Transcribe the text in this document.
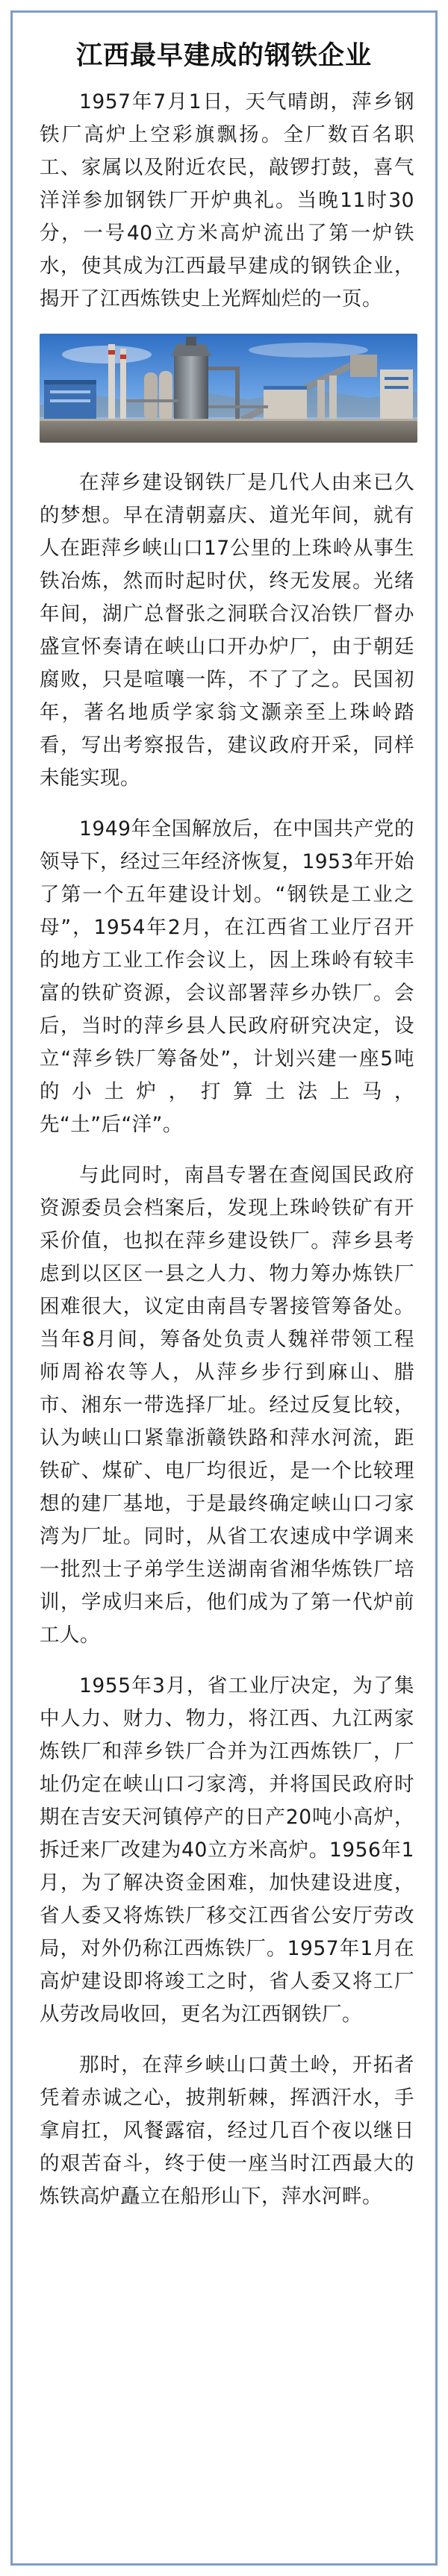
江西最早建成的钢铁企业

1957年7月1日，天气晴朗，萍乡钢铁厂高炉上空彩旗飘扬。全厂数百名职工、家属以及附近农民，敲锣打鼓，喜气洋洋参加钢铁厂开炉典礼。当晚11时30分，一号40立方米高炉流出了第一炉铁水，使其成为江西最早建成的钢铁企业，揭开了江西炼铁史上光辉灿烂的一页。

在萍乡建设钢铁厂是几代人由来已久的梦想。早在清朝嘉庆、道光年间，就有人在距萍乡峡山口17公里的上珠岭从事生铁冶炼，然而时起时伏，终无发展。光绪年间，湖广总督张之洞联合汉冶铁厂督办盛宣怀奏请在峡山口开办炉厂，由于朝廷腐败，只是喧嚷一阵，不了了之。民国初年，著名地质学家翁文灏亲至上珠岭踏看，写出考察报告，建议政府开采，同样未能实现。

1949年全国解放后，在中国共产党的领导下，经过三年经济恢复，1953年开始了第一个五年建设计划。“钢铁是工业之母”，1954年2月，在江西省工业厅召开的地方工业工作会议上，因上珠岭有较丰富的铁矿资源，会议部署萍乡办铁厂。会后，当时的萍乡县人民政府研究决定，设立“萍乡铁厂筹备处”，计划兴建一座5吨的小土炉，打算土法上马，先“土”后“洋”。

与此同时，南昌专署在查阅国民政府资源委员会档案后，发现上珠岭铁矿有开采价值，也拟在萍乡建设铁厂。萍乡县考虑到以区区一县之人力、物力筹办炼铁厂困难很大，议定由南昌专署接管筹备处。当年8月间，筹备处负责人魏祥带领工程师周裕农等人，从萍乡步行到麻山、腊市、湘东一带选择厂址。经过反复比较，认为峡山口紧靠浙赣铁路和萍水河流，距铁矿、煤矿、电厂均很近，是一个比较理想的建厂基地，于是最终确定峡山口刁家湾为厂址。同时，从省工农速成中学调来一批烈士子弟学生送湖南省湘华炼铁厂培训，学成归来后，他们成为了第一代炉前工人。

1955年3月，省工业厅决定，为了集中人力、财力、物力，将江西、九江两家炼铁厂和萍乡铁厂合并为江西炼铁厂，厂址仍定在峡山口刁家湾，并将国民政府时期在吉安天河镇停产的日产20吨小高炉，拆迁来厂改建为40立方米高炉。1956年1月，为了解决资金困难，加快建设进度，省人委又将炼铁厂移交江西省公安厅劳改局，对外仍称江西炼铁厂。1957年1月在高炉建设即将竣工之时，省人委又将工厂从劳改局收回，更名为江西钢铁厂。

那时，在萍乡峡山口黄土岭，开拓者凭着赤诚之心，披荆斩棘，挥洒汗水，手拿肩扛，风餐露宿，经过几百个夜以继日的艰苦奋斗，终于使一座当时江西最大的炼铁高炉矗立在船形山下，萍水河畔。
